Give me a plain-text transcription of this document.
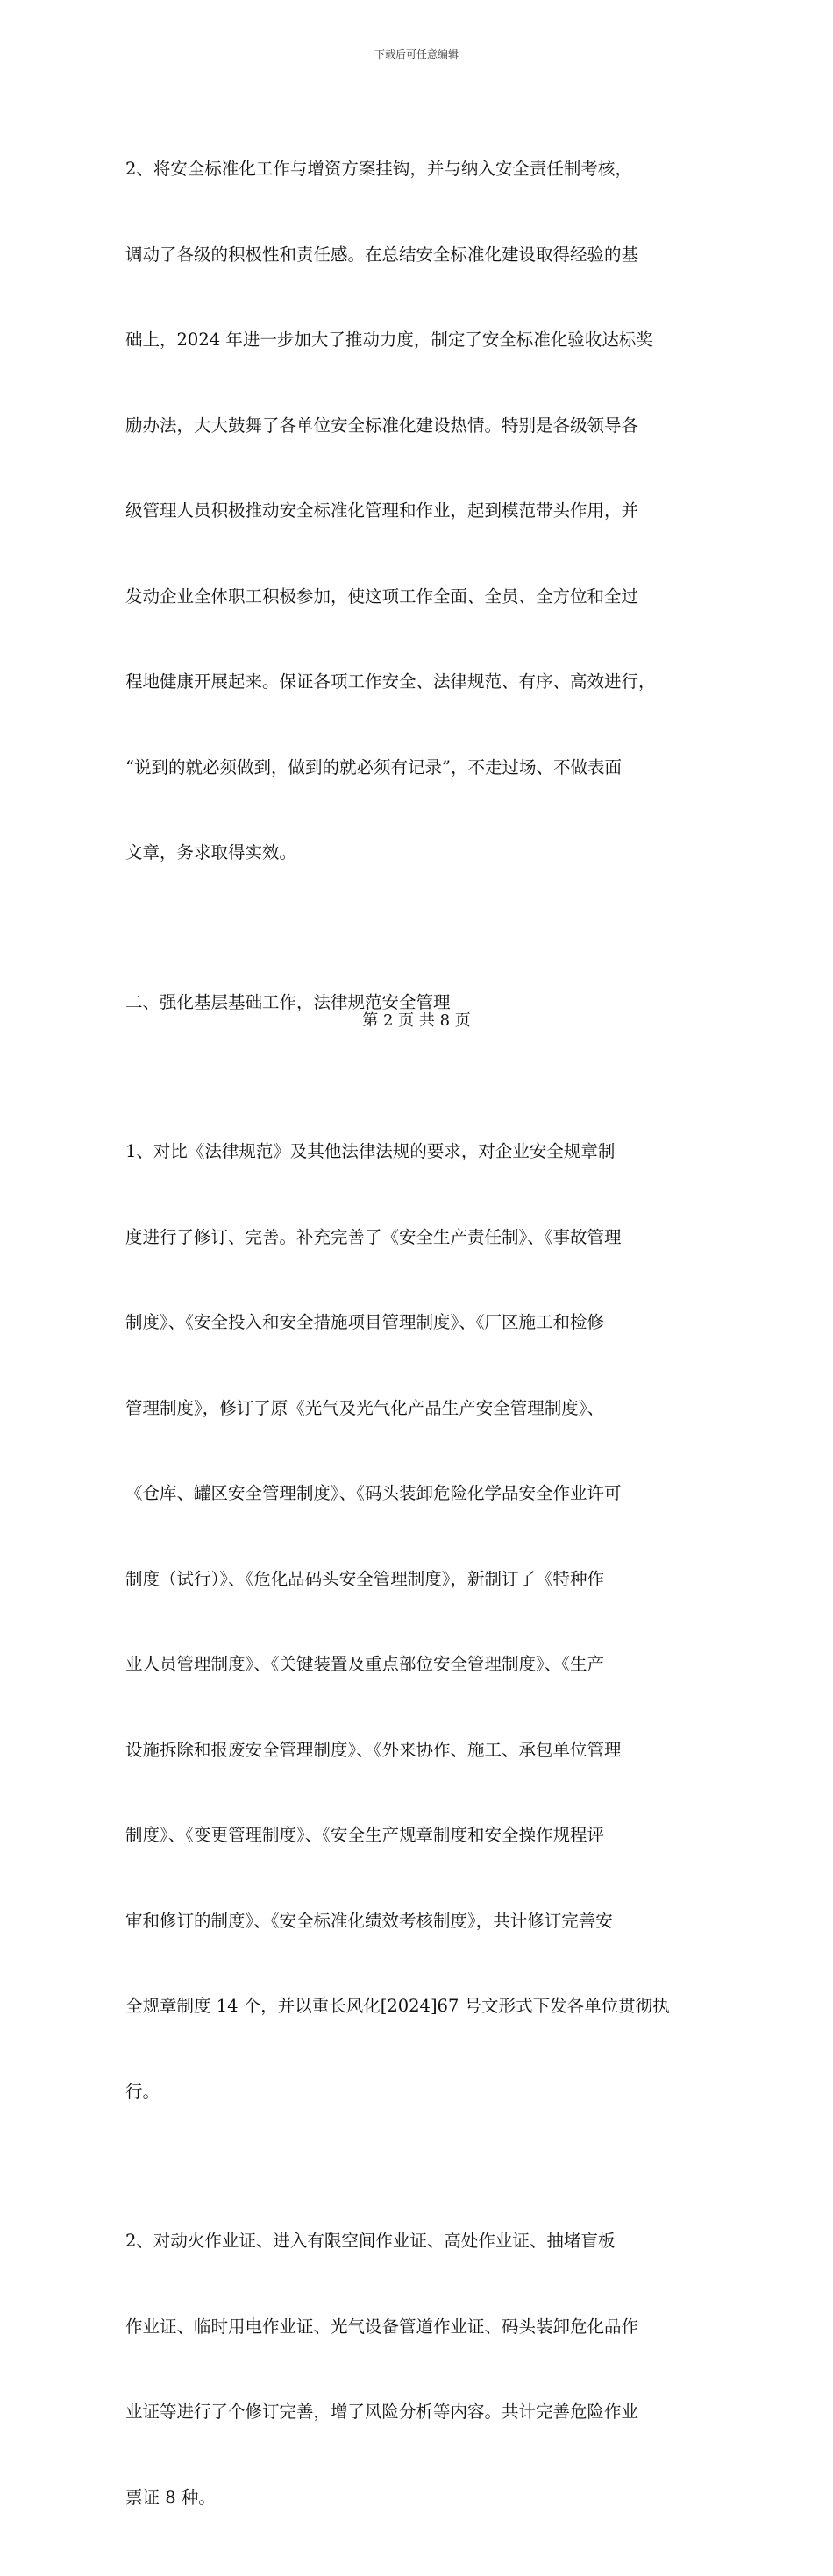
下载后可任意编辑

2、将安全标准化工作与增资方案挂钩，并与纳入安全责任制考核，

调动了各级的积极性和责任感。在总结安全标准化建设取得经验的基

础上，2024 年进一步加大了推动力度，制定了安全标准化验收达标奖

励办法，大大鼓舞了各单位安全标准化建设热情。特别是各级领导各

级管理人员积极推动安全标准化管理和作业，起到模范带头作用，并

发动企业全体职工积极参加，使这项工作全面、全员、全方位和全过

程地健康开展起来。保证各项工作安全、法律规范、有序、高效进行，

“说到的就必须做到，做到的就必须有记录”，不走过场、不做表面

文章，务求取得实效。

二、强化基层基础工作，法律规范安全管理

1、对比《法律规范》及其他法律法规的要求，对企业安全规章制

度进行了修订、完善。补充完善了《安全生产责任制》、《事故管理

制度》、《安全投入和安全措施项目管理制度》、《厂区施工和检修

管理制度》，修订了原《光气及光气化产品生产安全管理制度》、

《仓库、罐区安全管理制度》、《码头装卸危险化学品安全作业许可

制度（试行）》、《危化品码头安全管理制度》，新制订了《特种作

业人员管理制度》、《关键装置及重点部位安全管理制度》、《生产

设施拆除和报废安全管理制度》、《外来协作、施工、承包单位管理

制度》、《变更管理制度》、《安全生产规章制度和安全操作规程评

审和修订的制度》、《安全标准化绩效考核制度》，共计修订完善安

全规章制度 14 个，并以重长风化[2024]67 号文形式下发各单位贯彻执

行。

2、对动火作业证、进入有限空间作业证、高处作业证、抽堵盲板

作业证、临时用电作业证、光气设备管道作业证、码头装卸危化品作

业证等进行了个修订完善，增了风险分析等内容。共计完善危险作业

票证 8 种。

第 2 页 共 8 页
